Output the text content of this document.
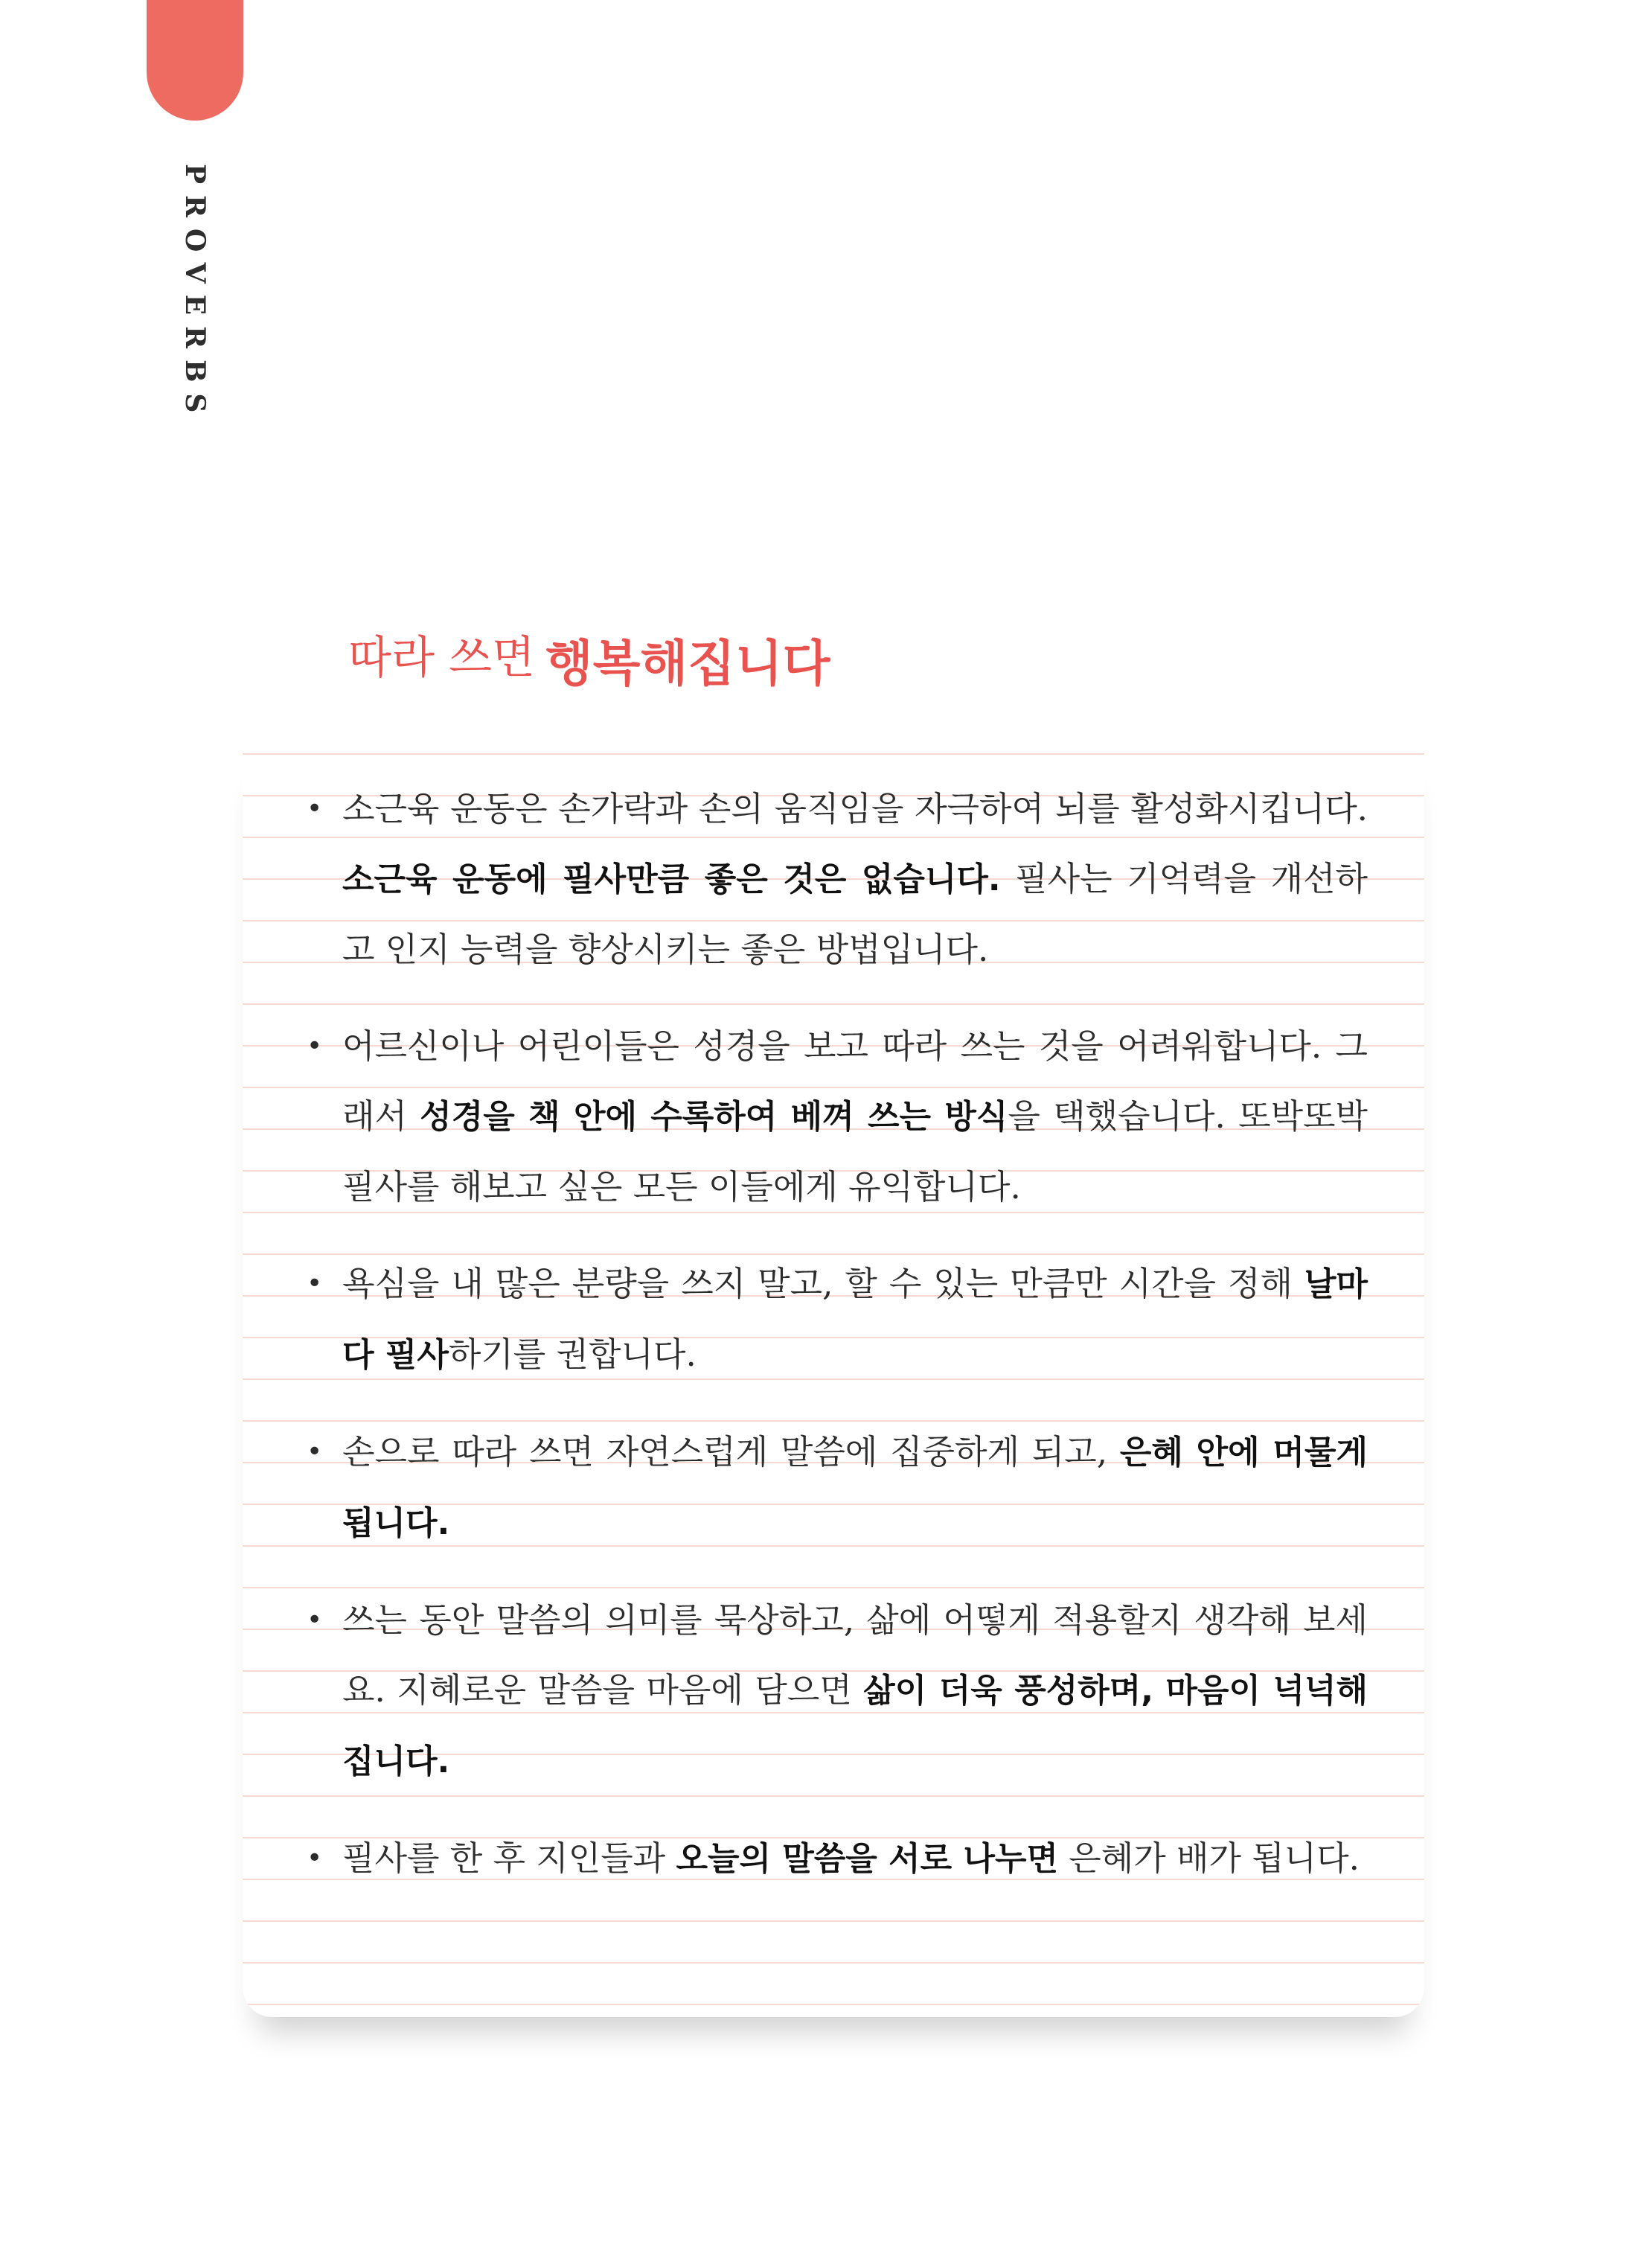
PROVERBS
따라 쓰면 행복해집니다
• 소근육 운동은 손가락과 손의 움직임을 자극하여 뇌를 활성화시킵니다. 소근육 운동에 필사만큼 좋은 것은 없습니다. 필사는 기억력을 개선하고 인지 능력을 향상시키는 좋은 방법입니다.
• 어르신이나 어린이들은 성경을 보고 따라 쓰는 것을 어려워합니다. 그래서 성경을 책 안에 수록하여 베껴 쓰는 방식을 택했습니다. 또박또박 필사를 해보고 싶은 모든 이들에게 유익합니다.
• 욕심을 내 많은 분량을 쓰지 말고, 할 수 있는 만큼만 시간을 정해 날마다 필사하기를 권합니다.
• 손으로 따라 쓰면 자연스럽게 말씀에 집중하게 되고, 은혜 안에 머물게 됩니다.
• 쓰는 동안 말씀의 의미를 묵상하고, 삶에 어떻게 적용할지 생각해 보세요. 지혜로운 말씀을 마음에 담으면 삶이 더욱 풍성하며, 마음이 넉넉해집니다.
• 필사를 한 후 지인들과 오늘의 말씀을 서로 나누면 은혜가 배가 됩니다.
